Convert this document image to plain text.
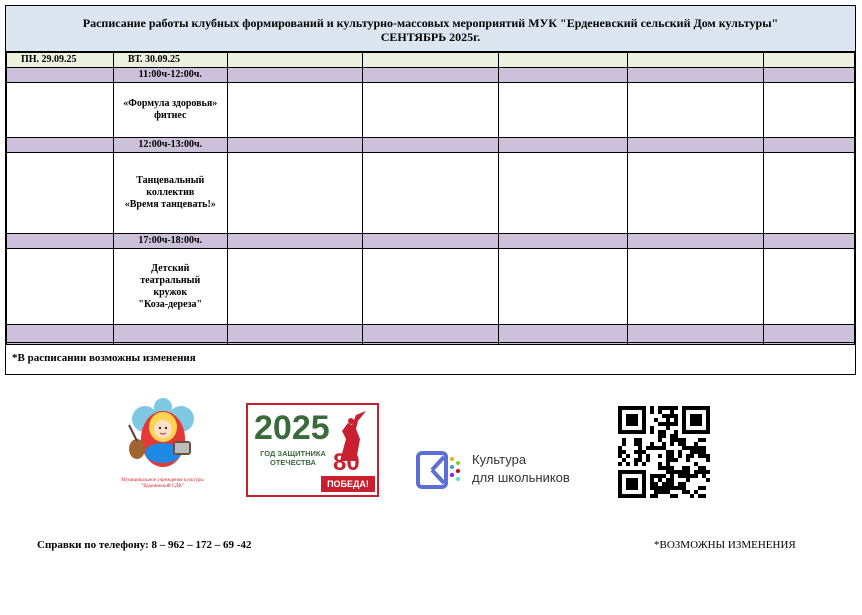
Расписание работы клубных формирований и культурно-массовых мероприятий МУК "Ерденевский сельский Дом культуры"
СЕНТЯБРЬ 2025г.
ПН. 29.09.25	ВТ. 30.09.25					
	11:00ч-12:00ч.					

	«Формула здоровья»
фитнес					

	12:00ч-13:00ч.					

	Танцевальный
коллектив
«Время танцевать!»					

	17:00ч-18:00ч.					

	Детский
театральный
кружок
"Коза-дереза"					

*В расписании возможны изменения
Муниципальное учреждение культуры
"Ерденевский СДК"
2025
ГОД ЗАЩИТНИКА
ОТЕЧЕСТВА 80
ПОБЕДА!
Культура
для школьников
Справки по телефону: 8 – 962 – 172 – 69 -42	*ВОЗМОЖНЫ ИЗМЕНЕНИЯ
